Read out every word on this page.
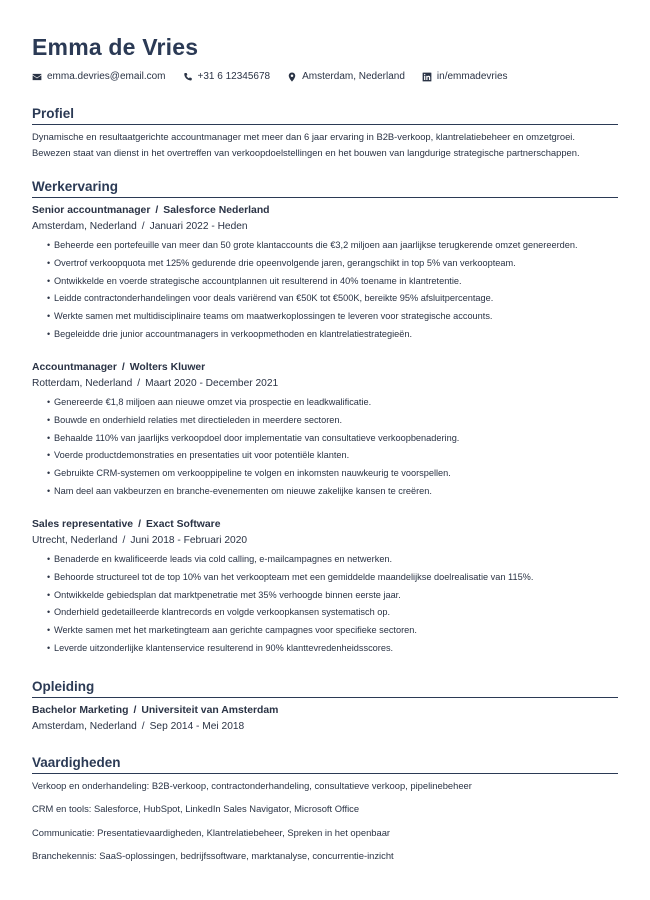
Emma de Vries
emma.devries@email.com	+31 6 12345678	Amsterdam, Nederland	in/emmadevries
Profiel
Dynamische en resultaatgerichte accountmanager met meer dan 6 jaar ervaring in B2B-verkoop, klantrelatiebeheer en omzetgroei.
Bewezen staat van dienst in het overtreffen van verkoopdoelstellingen en het bouwen van langdurige strategische partnerschappen.
Werkervaring
Senior accountmanager / Salesforce Nederland
Amsterdam, Nederland / Januari 2022 - Heden
• Beheerde een portefeuille van meer dan 50 grote klantaccounts die €3,2 miljoen aan jaarlijkse terugkerende omzet genereerden.
• Overtrof verkoopquota met 125% gedurende drie opeenvolgende jaren, gerangschikt in top 5% van verkoopteam.
• Ontwikkelde en voerde strategische accountplannen uit resulterend in 40% toename in klantretentie.
• Leidde contractonderhandelingen voor deals variërend van €50K tot €500K, bereikte 95% afsluitpercentage.
• Werkte samen met multidisciplinaire teams om maatwerkoplossingen te leveren voor strategische accounts.
• Begeleidde drie junior accountmanagers in verkoopmethoden en klantrelatiestrategieën.
Accountmanager / Wolters Kluwer
Rotterdam, Nederland / Maart 2020 - December 2021
• Genereerde €1,8 miljoen aan nieuwe omzet via prospectie en leadkwalificatie.
• Bouwde en onderhield relaties met directieleden in meerdere sectoren.
• Behaalde 110% van jaarlijks verkoopdoel door implementatie van consultatieve verkoopbenadering.
• Voerde productdemonstraties en presentaties uit voor potentiële klanten.
• Gebruikte CRM-systemen om verkooppipeline te volgen en inkomsten nauwkeurig te voorspellen.
• Nam deel aan vakbeurzen en branche-evenementen om nieuwe zakelijke kansen te creëren.
Sales representative / Exact Software
Utrecht, Nederland / Juni 2018 - Februari 2020
• Benaderde en kwalificeerde leads via cold calling, e-mailcampagnes en netwerken.
• Behoorde structureel tot de top 10% van het verkoopteam met een gemiddelde maandelijkse doelrealisatie van 115%.
• Ontwikkelde gebiedsplan dat marktpenetratie met 35% verhoogde binnen eerste jaar.
• Onderhield gedetailleerde klantrecords en volgde verkoopkansen systematisch op.
• Werkte samen met het marketingteam aan gerichte campagnes voor specifieke sectoren.
• Leverde uitzonderlijke klantenservice resulterend in 90% klanttevredenheidsscores.
Opleiding
Bachelor Marketing / Universiteit van Amsterdam
Amsterdam, Nederland / Sep 2014 - Mei 2018
Vaardigheden
Verkoop en onderhandeling: B2B-verkoop, contractonderhandeling, consultatieve verkoop, pipelinebeheer
CRM en tools: Salesforce, HubSpot, LinkedIn Sales Navigator, Microsoft Office
Communicatie: Presentatievaardigheden, Klantrelatiebeheer, Spreken in het openbaar
Branchekennis: SaaS-oplossingen, bedrijfssoftware, marktanalyse, concurrentie-inzicht
